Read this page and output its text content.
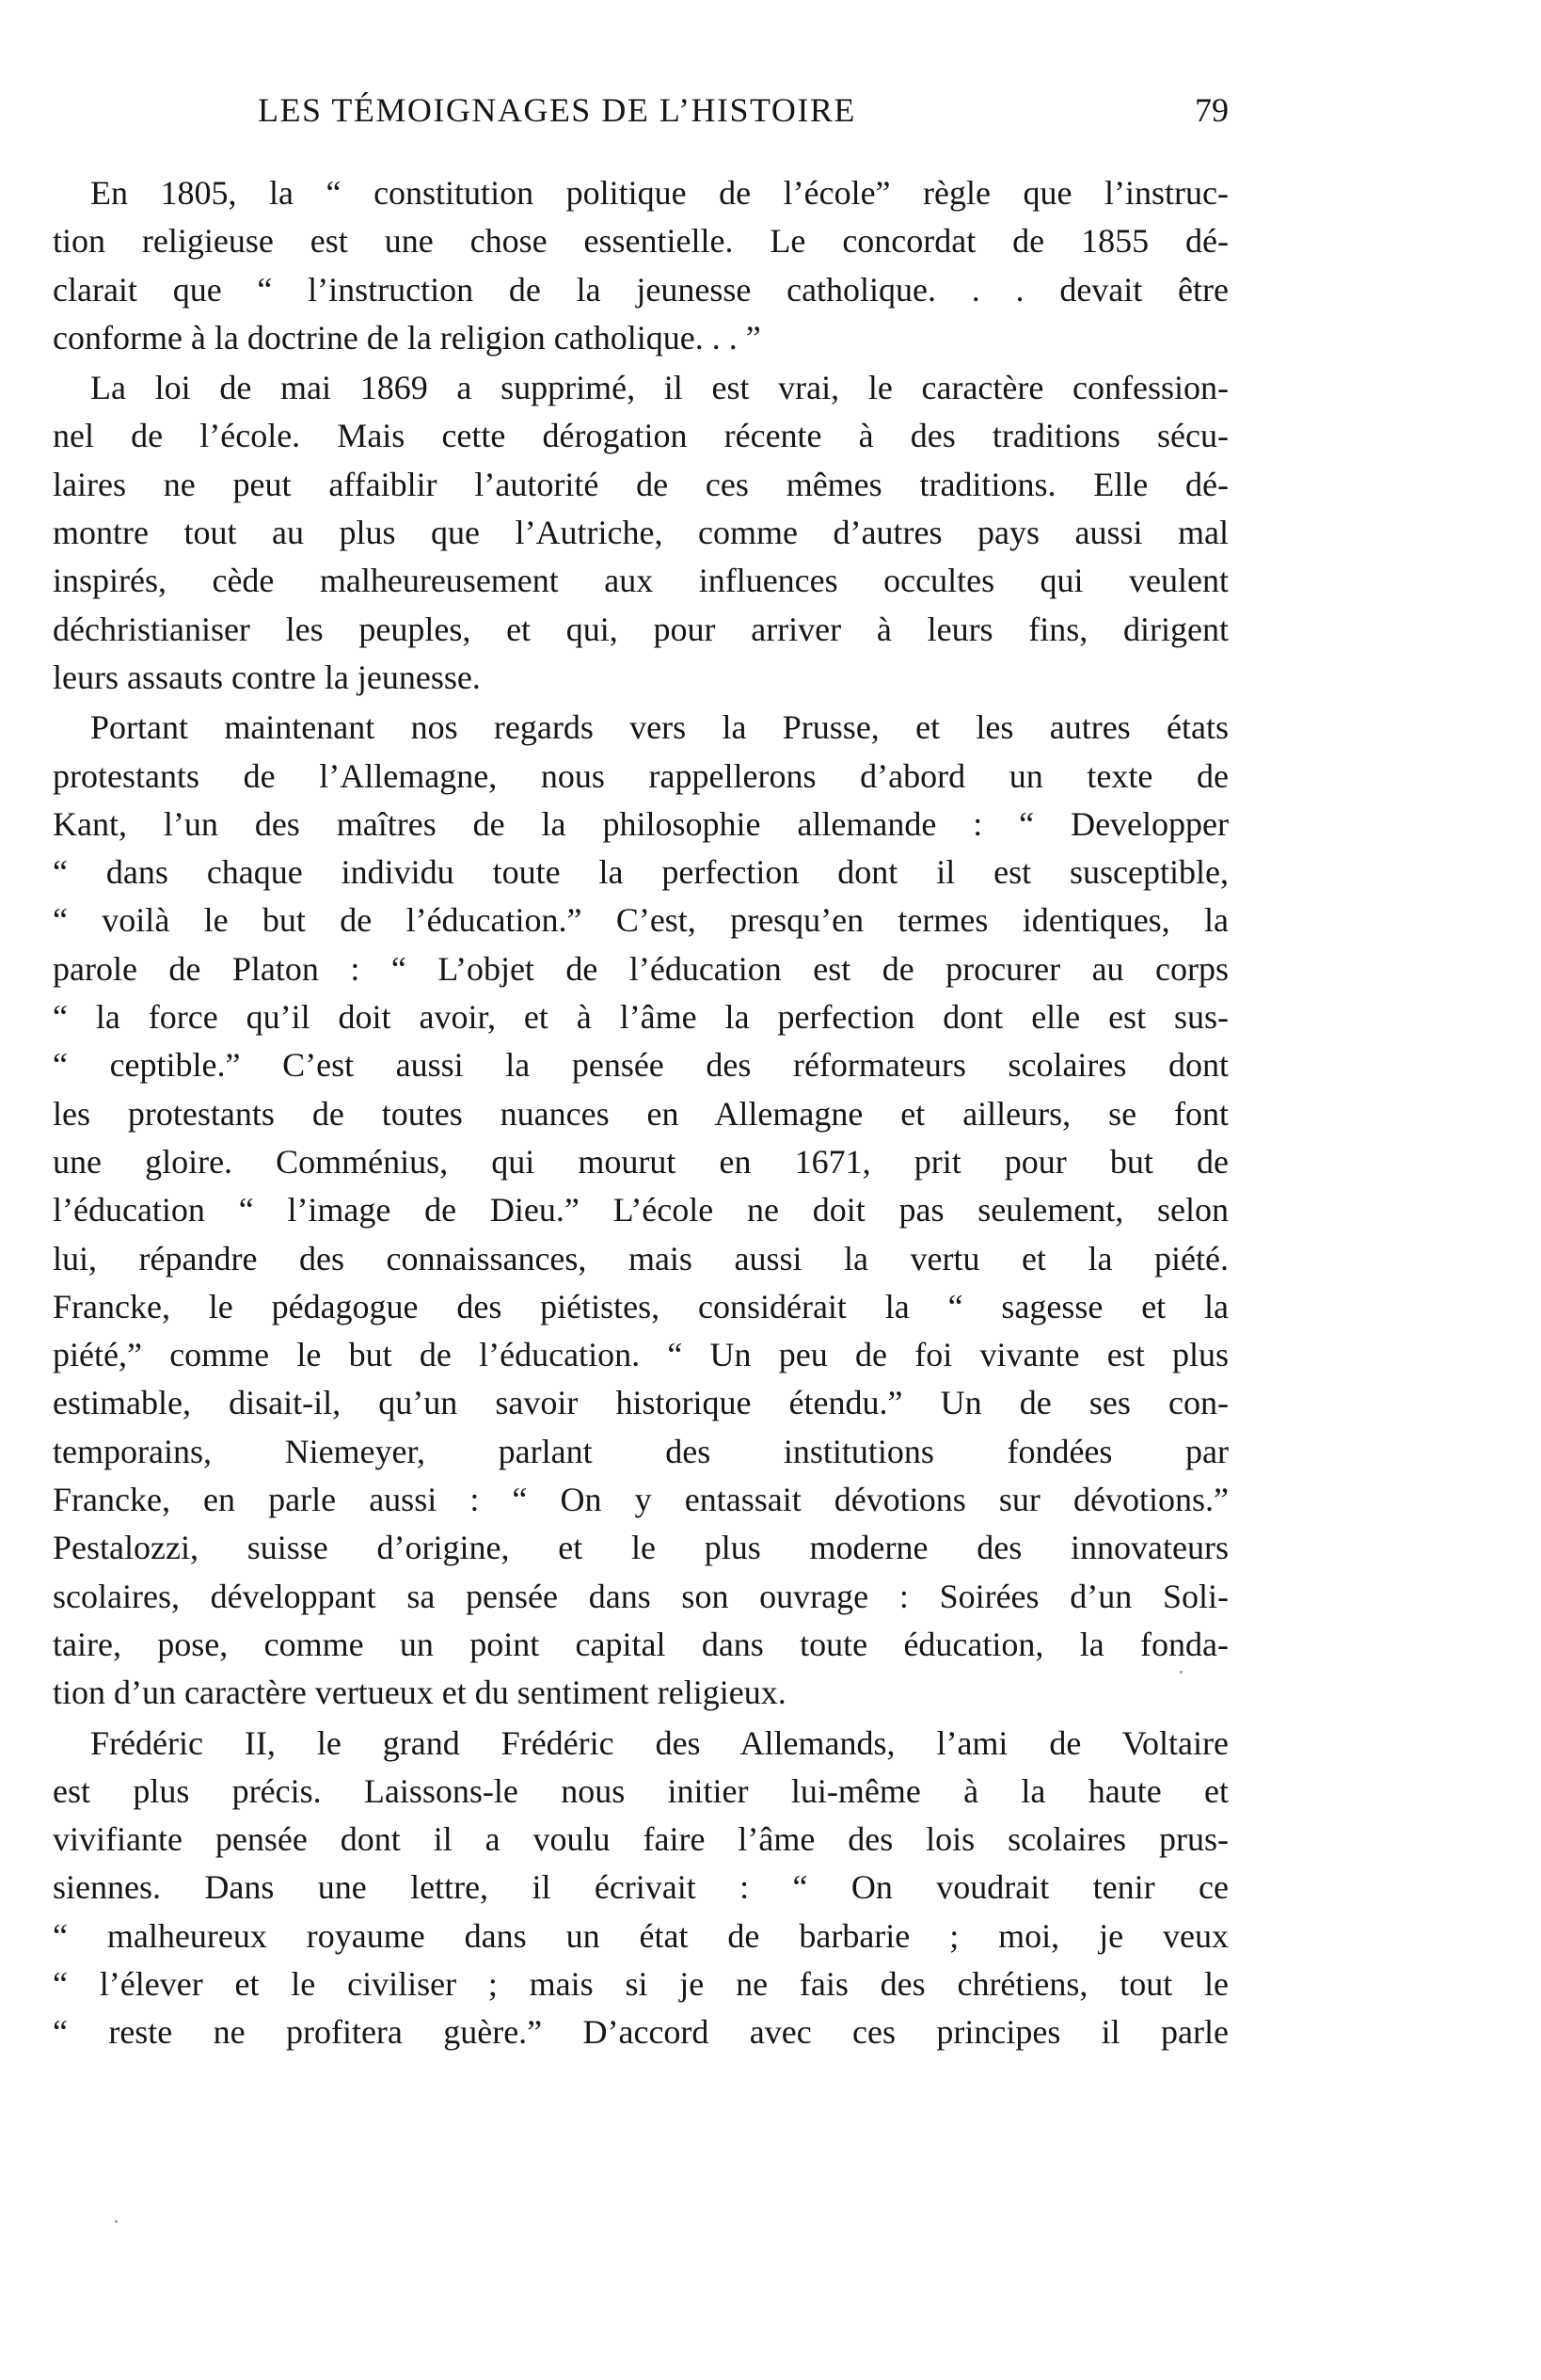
LES TÉMOIGNAGES DE L’HISTOIRE	79
En 1805, la “ constitution politique de l’école” règle que l’instruc-
tion religieuse est une chose essentielle. Le concordat de 1855 dé-
clarait que “ l’instruction de la jeunesse catholique. . . devait être
conforme à la doctrine de la religion catholique. . . ”
La loi de mai 1869 a supprimé, il est vrai, le caractère confession-
nel de l’école. Mais cette dérogation récente à des traditions sécu-
laires ne peut affaiblir l’autorité de ces mêmes traditions. Elle dé-
montre tout au plus que l’Autriche, comme d’autres pays aussi mal
inspirés, cède malheureusement aux influences occultes qui veulent
déchristianiser les peuples, et qui, pour arriver à leurs fins, dirigent
leurs assauts contre la jeunesse.
Portant maintenant nos regards vers la Prusse, et les autres états
protestants de l’Allemagne, nous rappellerons d’abord un texte de
Kant, l’un des maîtres de la philosophie allemande : “ Developper
“ dans chaque individu toute la perfection dont il est susceptible,
“ voilà le but de l’éducation.” C’est, presqu’en termes identiques, la
parole de Platon : “ L’objet de l’éducation est de procurer au corps
“ la force qu’il doit avoir, et à l’âme la perfection dont elle est sus-
“ ceptible.” C’est aussi la pensée des réformateurs scolaires dont
les protestants de toutes nuances en Allemagne et ailleurs, se font
une gloire. Comménius, qui mourut en 1671, prit pour but de
l’éducation “ l’image de Dieu.” L’école ne doit pas seulement, selon
lui, répandre des connaissances, mais aussi la vertu et la piété.
Francke, le pédagogue des piétistes, considérait la “ sagesse et la
piété,” comme le but de l’éducation. “ Un peu de foi vivante est plus
estimable, disait-il, qu’un savoir historique étendu.” Un de ses con-
temporains, Niemeyer, parlant des institutions fondées par
Francke, en parle aussi : “ On y entassait dévotions sur dévotions.”
Pestalozzi, suisse d’origine, et le plus moderne des innovateurs
scolaires, développant sa pensée dans son ouvrage : Soirées d’un Soli-
taire, pose, comme un point capital dans toute éducation, la fonda-
tion d’un caractère vertueux et du sentiment religieux.
Frédéric II, le grand Frédéric des Allemands, l’ami de Voltaire
est plus précis. Laissons-le nous initier lui-même à la haute et
vivifiante pensée dont il a voulu faire l’âme des lois scolaires prus-
siennes. Dans une lettre, il écrivait : “ On voudrait tenir ce
“ malheureux royaume dans un état de barbarie ; moi, je veux
“ l’élever et le civiliser ; mais si je ne fais des chrétiens, tout le
“ reste ne profitera guère.” D’accord avec ces principes il parle
